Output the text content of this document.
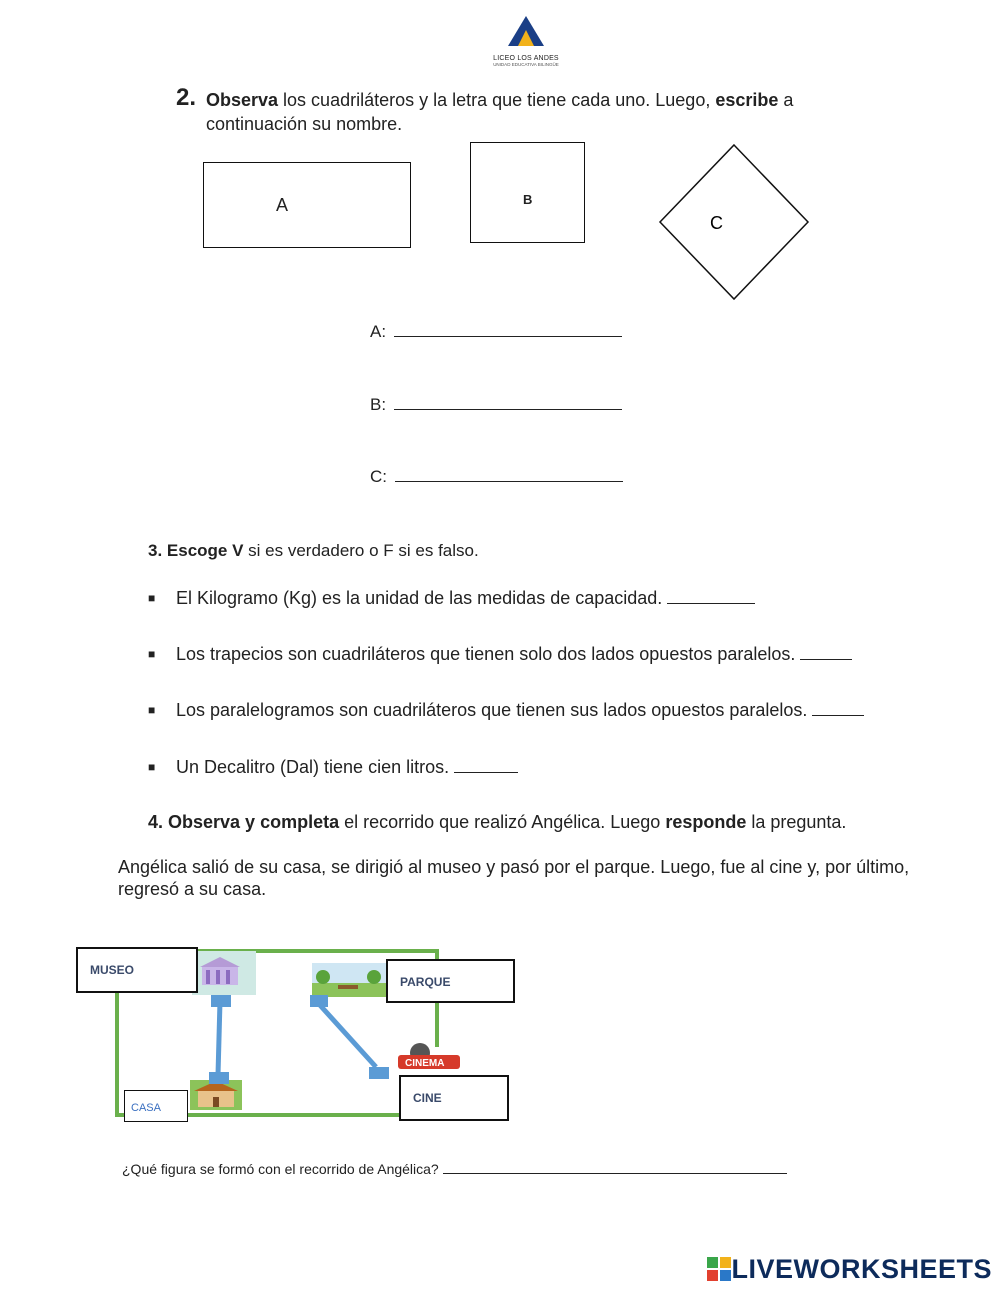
LICEO LOS ANDES
UNIDAD EDUCATIVA BILINGÜE
2. Observa los cuadriláteros y la letra que tiene cada uno. Luego, escribe a continuación su nombre.
A	B
C
A:
B:
C:
3. Escoge V si es verdadero o F si es falso.
■ El Kilogramo (Kg) es la unidad de las medidas de capacidad.
■ Los trapecios son cuadriláteros que tienen solo dos lados opuestos paralelos.
■ Los paralelogramos son cuadriláteros que tienen sus lados opuestos paralelos.
■ Un Decalitro (Dal) tiene cien litros.
4. Observa y completa el recorrido que realizó Angélica. Luego responde la pregunta.
Angélica salió de su casa, se dirigió al museo y pasó por el parque. Luego, fue al cine y, por último, regresó a su casa.
CINEMA
MUSEO
PARQUE
CINE
CASA
¿Qué figura se formó con el recorrido de Angélica?
LIVEWORKSHEETS
